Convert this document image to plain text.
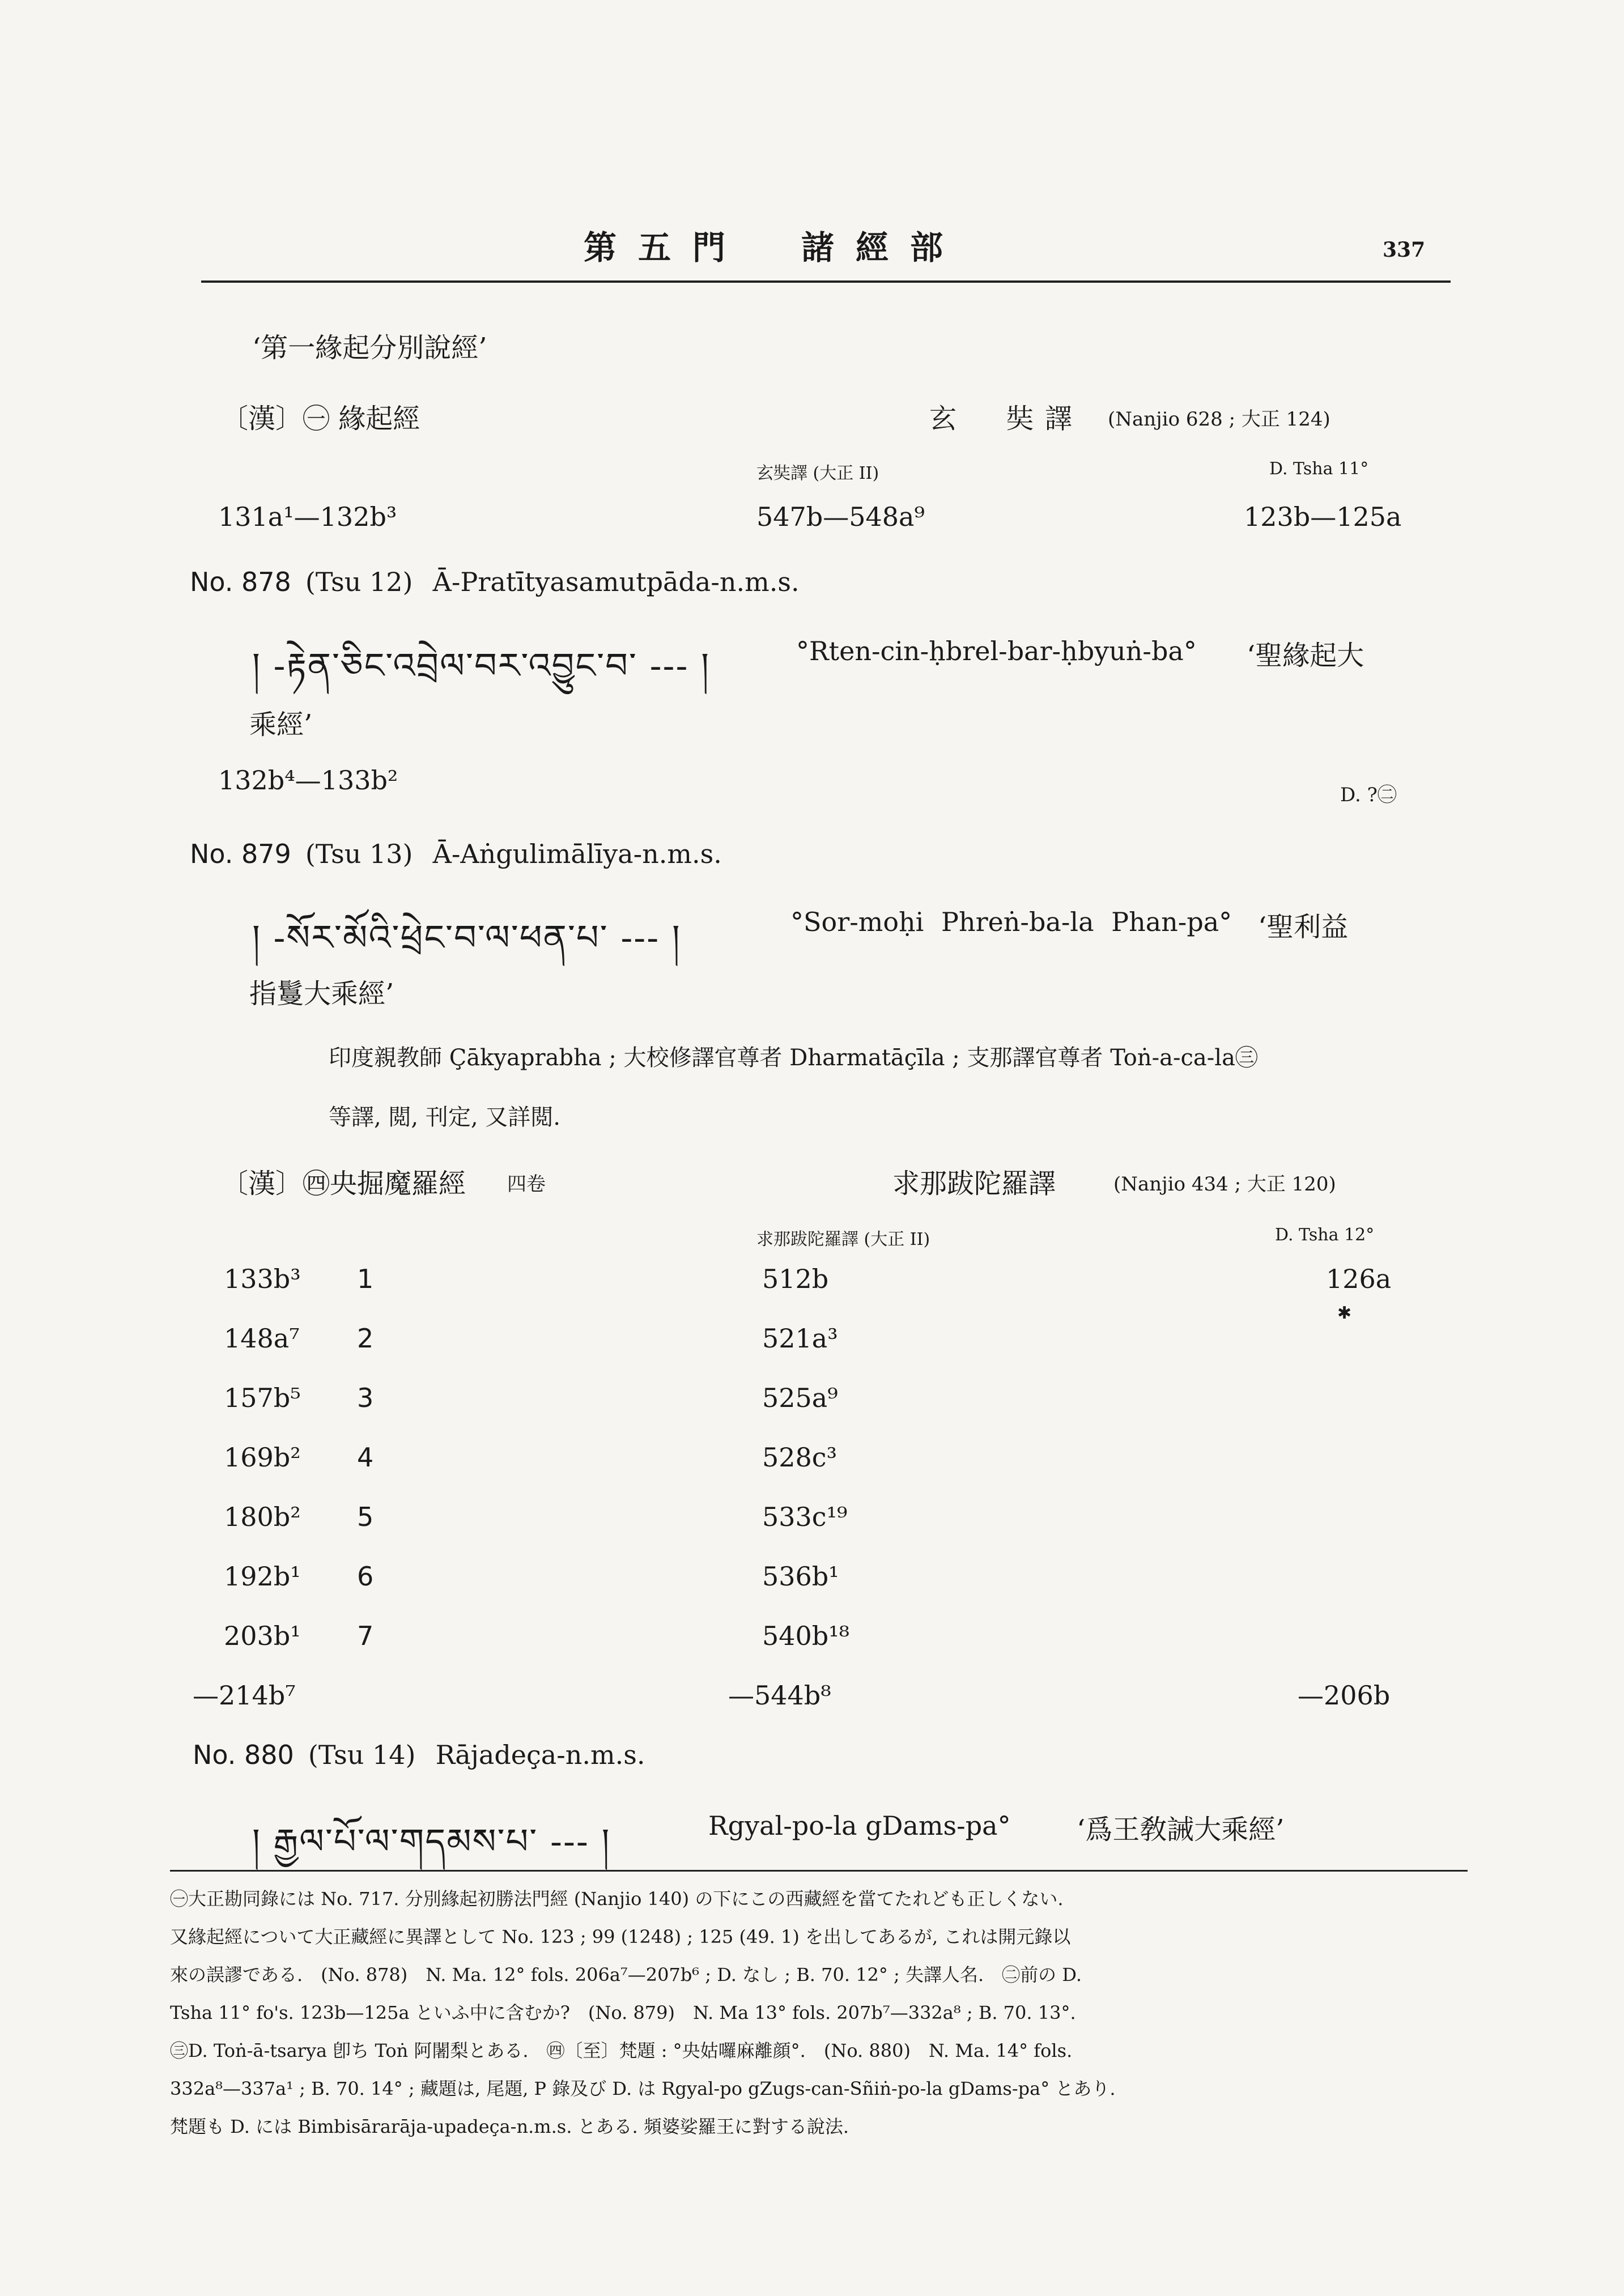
第五門　諸經部	337
‘第一緣起分別說經’
〔漢〕㊀ 緣起經	玄　奘譯 (Nanjio 628 ; 大正 124)
玄奘譯 (大正 II)	D. Tsha 11°
131a¹—132b³	547b—548a⁹	123b—125a
No. 878 (Tsu 12) Ā-Pratītyasamutpāda-n.m.s.
། -རྟེན་ཅིང་འབྲེལ་བར་འབྱུང་བ་ --- །	°Rten-cin-ḥbrel-bar-ḥbyuṅ-ba° ‘聖緣起大
乘經’
132b⁴—133b²	D. ?㊁
No. 879 (Tsu 13) Ā-Aṅgulimālīya-n.m.s.
། -སོར་མོའི་ཕྲེང་བ་ལ་ཕན་པ་ --- །	°Sor-moḥi Phreṅ-ba-la Phan-pa° ‘聖利益
指鬘大乘經’
印度親教師 Çākyaprabha ; 大校修譯官尊者 Dharmatāçīla ; 支那譯官尊者 Toṅ-a-ca-la㊂
等譯, 閲, 刊定, 又詳閲.
〔漢〕㊃央掘魔羅經 四卷	求那跋陀羅譯	(Nanjio 434 ; 大正 120)
求那跋陀羅譯 (大正 II)	D. Tsha 12°
133b³ 1	512b	126a
✱
148a⁷ 2	521a³
157b⁵ 3	525a⁹
169b² 4	528c³
180b² 5	533c¹⁹
192b¹ 6	536b¹
203b¹ 7	540b¹⁸
—214b⁷	—544b⁸	—206b
No. 880 (Tsu 14) Rājadeça-n.m.s.
། རྒྱལ་པོ་ལ་གདམས་པ་ --- །	Rgyal-po-la gDams-pa° ‘爲王敎誡大乘經’
㊀大正勘同錄には No. 717. 分別緣起初勝法門經 (Nanjio 140) の下にこの西藏經を當てたれども正しくない.
又緣起經について大正藏經に異譯として No. 123 ; 99 (1248) ; 125 (49. 1) を出してあるが, これは開元錄以
來の誤謬である.　(No. 878)　N. Ma. 12° fols. 206a⁷—207b⁶ ; D. なし ; B. 70. 12° ; 失譯人名.　㊁前の D.
Tsha 11° fo's. 123b—125a といふ中に含むか?　(No. 879)　N. Ma 13° fols. 207b⁷—332a⁸ ; B. 70. 13°.
㊂D. Toṅ-ā-tsarya 卽ち Toṅ 阿闍梨とある.　㊃〔至〕梵題 : °央姑囉麻離顔°.　(No. 880)　N. Ma. 14° fols.
332a⁸—337a¹ ; B. 70. 14° ; 藏題は, 尾題, P 錄及び D. は Rgyal-po gZugs-can-Sñiṅ-po-la gDams-pa° とあり.
梵題も D. には Bimbisārarāja-upadeça-n.m.s. とある. 頻婆娑羅王に對する說法.
